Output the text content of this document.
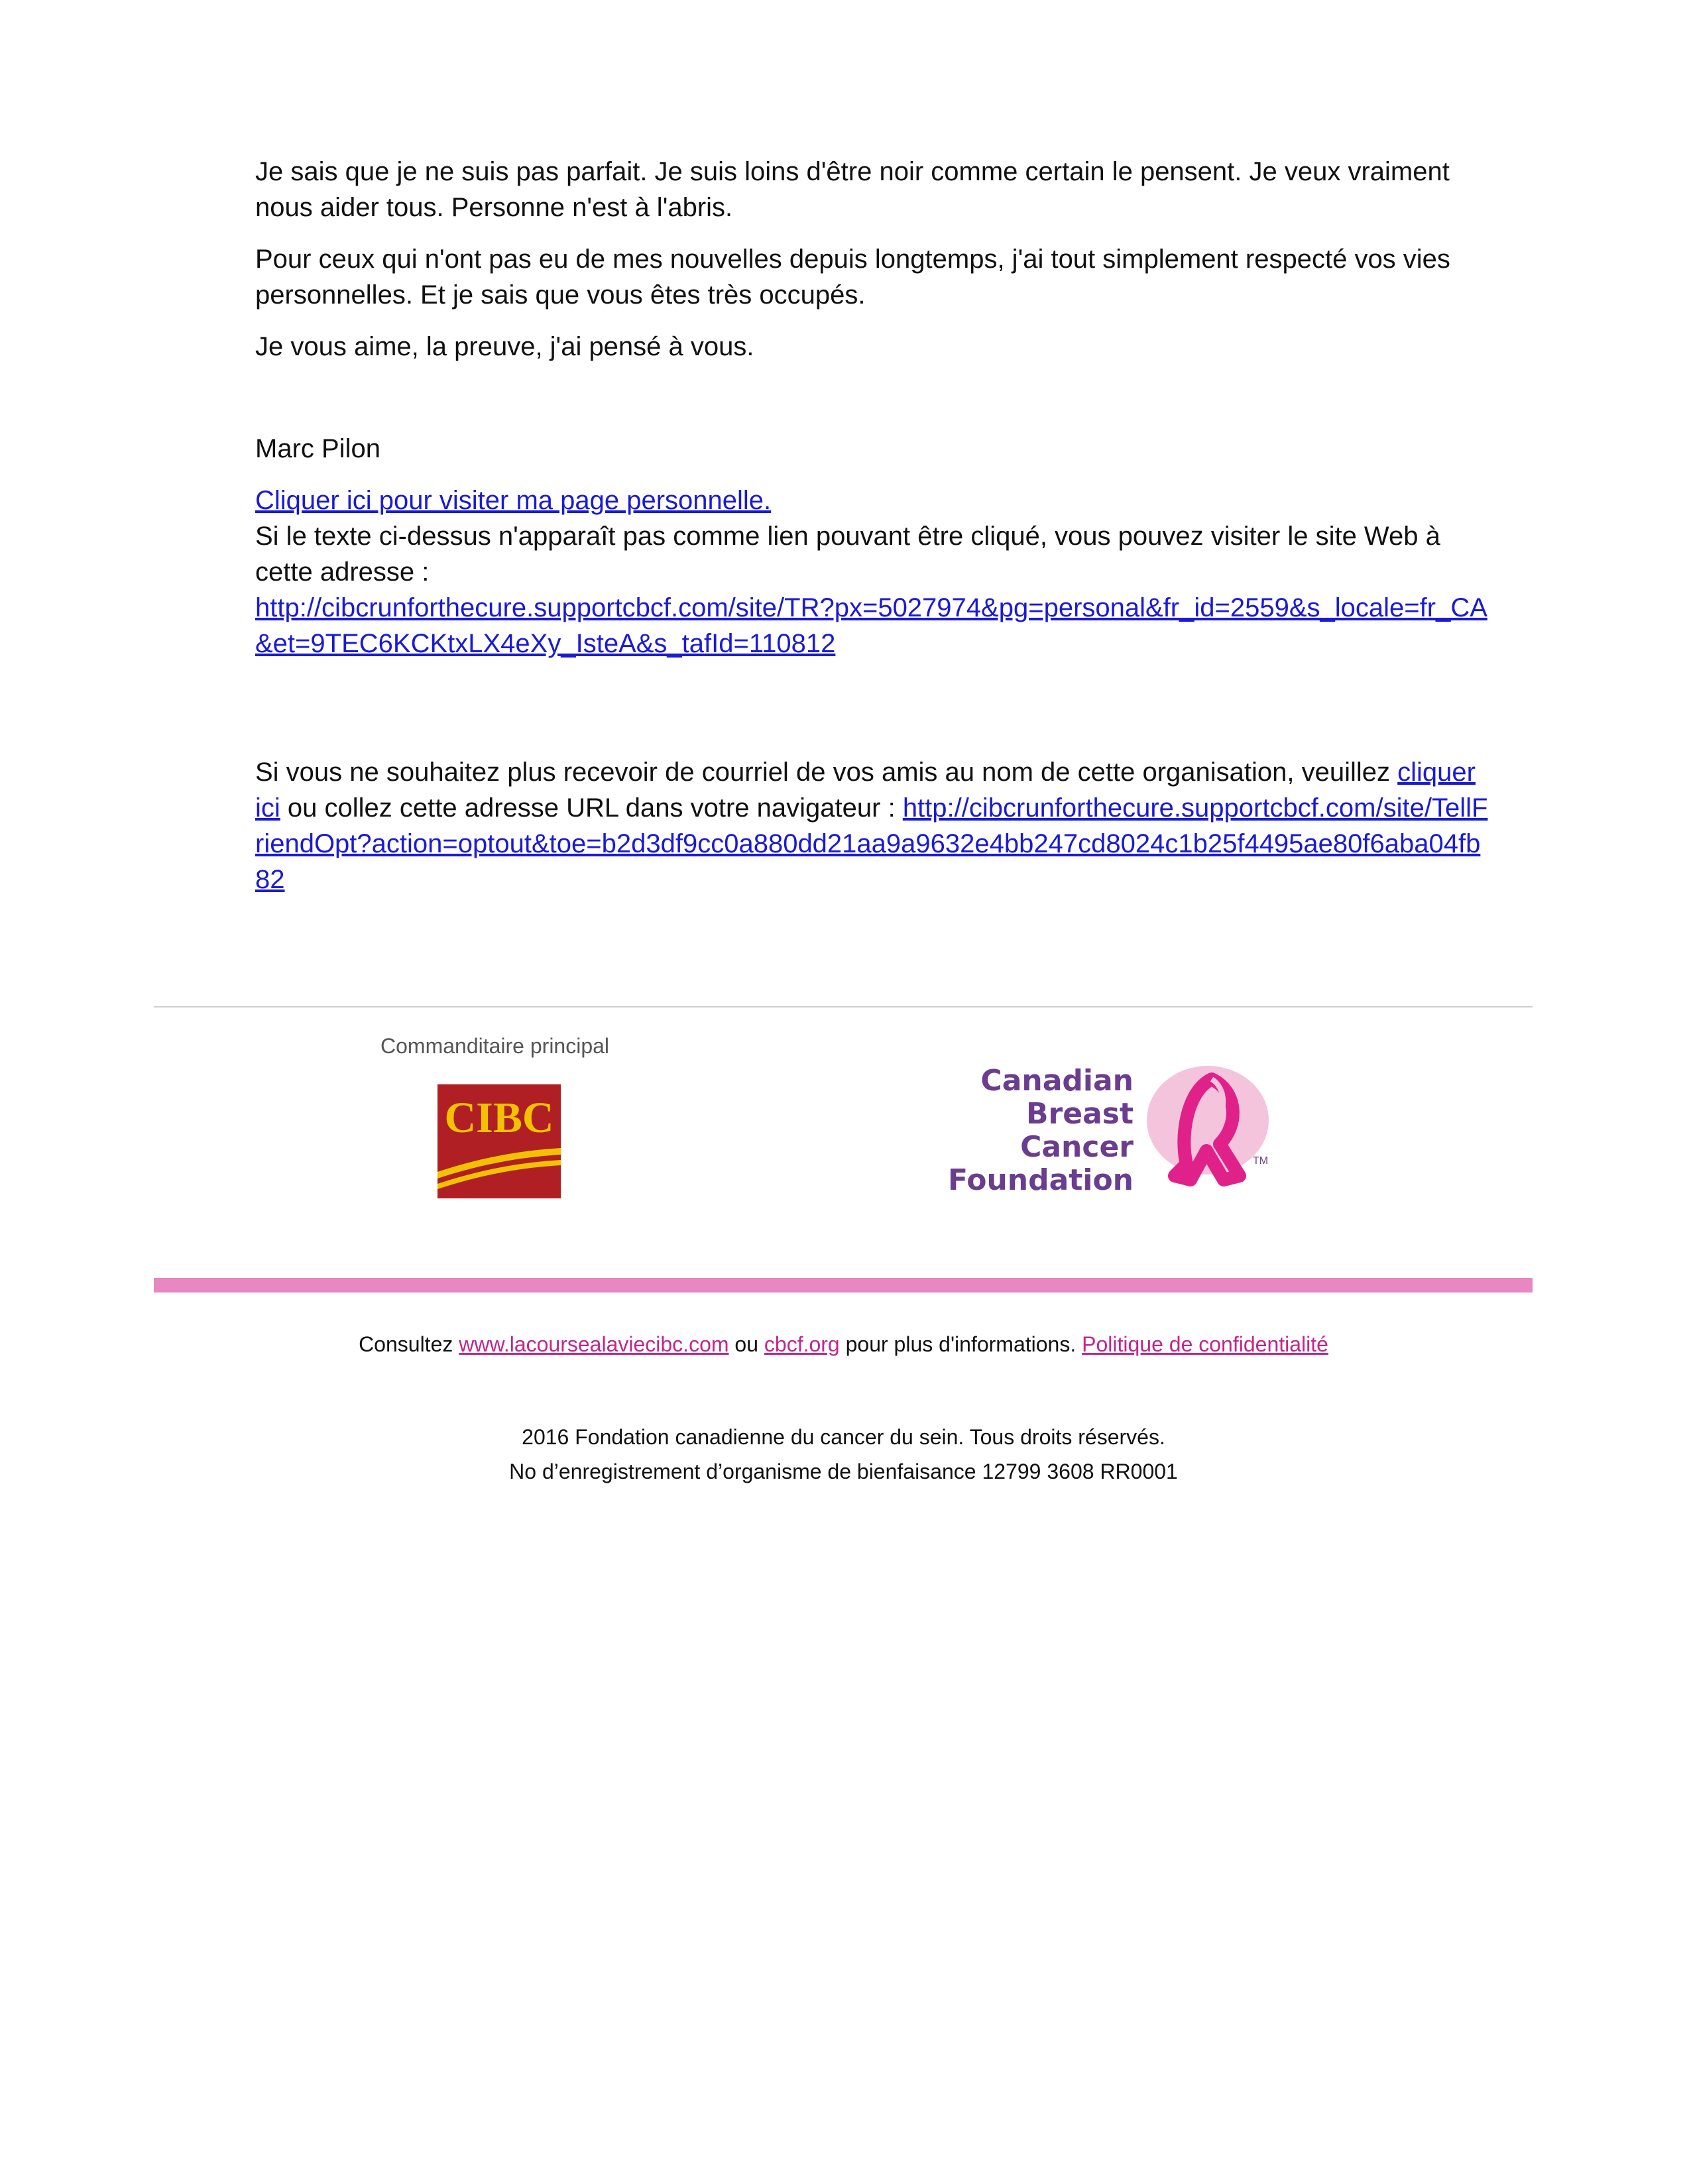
Je sais que je ne suis pas parfait. Je suis loins d'être noir comme certain le pensent. Je veux vraiment nous aider tous. Personne n'est à l'abris.

Pour ceux qui n'ont pas eu de mes nouvelles depuis longtemps, j'ai tout simplement respecté vos vies personnelles. Et je sais que vous êtes très occupés.

Je vous aime, la preuve, j'ai pensé à vous.

Marc Pilon

Cliquer ici pour visiter ma page personnelle.

Si le texte ci-dessus n'apparaît pas comme lien pouvant être cliqué, vous pouvez visiter le site Web à cette adresse :

http://cibcrunforthecure.supportcbcf.com/site/TR?px=5027974&pg=personal&fr_id=2559&s_locale=fr_CA&et=9TEC6KCKtxLX4eXy_IsteA&s_tafId=110812

Si vous ne souhaitez plus recevoir de courriel de vos amis au nom de cette organisation, veuillez cliquer ici ou collez cette adresse URL dans votre navigateur : http://cibcrunforthecure.supportcbcf.com/site/TellFriendOpt?action=optout&toe=b2d3df9cc0a880dd21aa9a9632e4bb247cd8024c1b25f4495ae80f6aba04fb82

Commanditaire principal
CIBC
Canadian
Breast Cancer
Foundation
TM
Consultez www.lacoursealaviecibc.com ou cbcf.org pour plus d'informations. Politique de confidentialité
2016 Fondation canadienne du cancer du sein. Tous droits réservés.
No d’enregistrement d’organisme de bienfaisance 12799 3608 RR0001
